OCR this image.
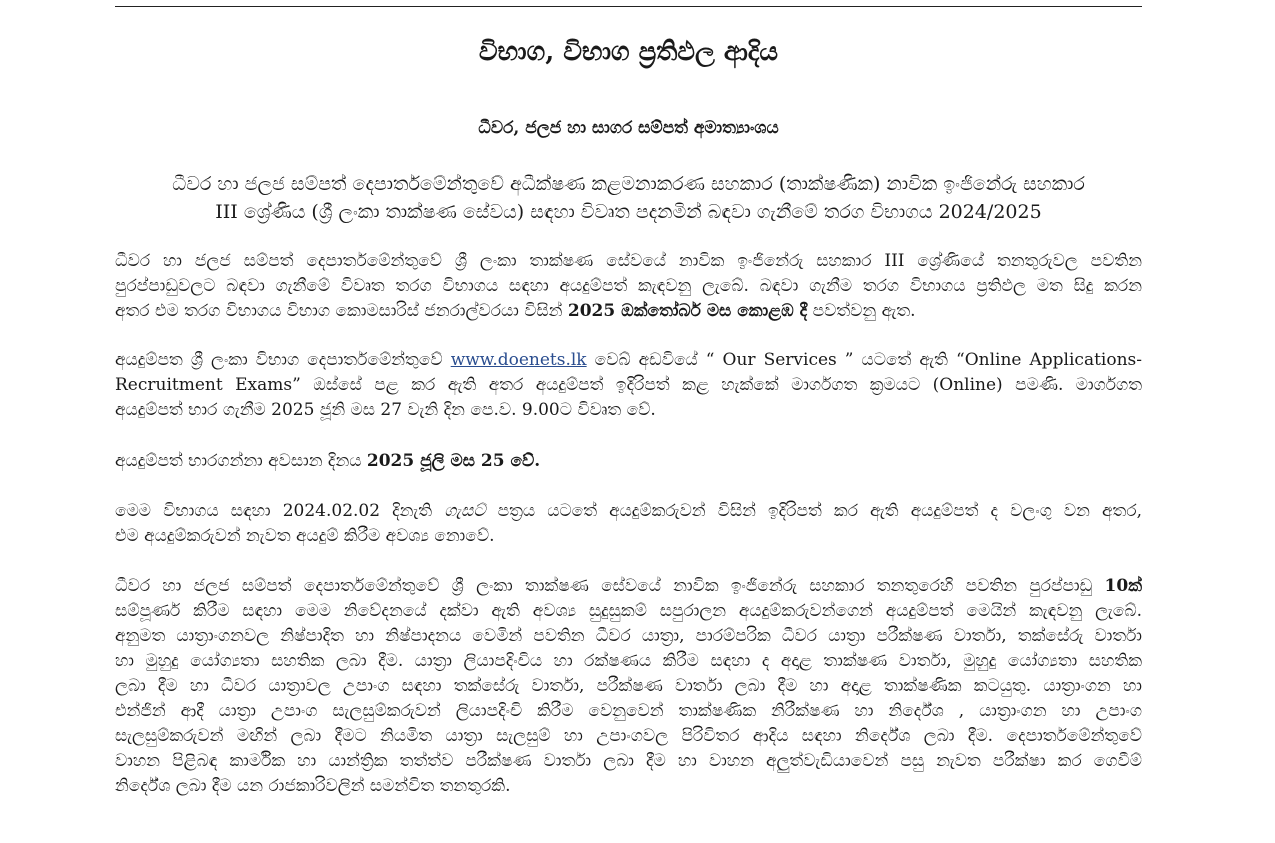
විභාග, විභාග ප්‍රතිඵල ආදිය
ධීවර, ජලජ හා සාගර සම්පත් අමාත්‍යාංශය
ධීවර හා ජලජ සම්පත් දෙපාර්තමේන්තුවේ අධීක්ෂණ කළමනාකරණ සහකාර (තාක්ෂණික) නාවික ඉංජිනේරු සහකාර
III ශ්‍රේණිය (ශ්‍රී ලංකා තාක්ෂණ සේවය) සඳහා විවෘත පදනමින් බඳවා ගැනීමේ තරග විභාගය 2024/2025
ධීවර හා ජලජ සම්පත් දෙපාර්තමේන්තුවේ ශ්‍රී ලංකා තාක්ෂණ සේවයේ නාවික ඉංජිනේරු සහකාර III ශ්‍රේණියේ තනතුරුවල පවතින
පුරප්පාඩුවලට බඳවා ගැනීමේ විවෘත තරග විභාගය සඳහා අයදුම්පත් කැඳවනු ලැබේ. බඳවා ගැනීම තරග විභාගය ප්‍රතිඵල මත සිදු කරන
අතර එම තරග විභාගය විභාග කොමසාරිස් ජනරාල්වරයා විසින් 2025 ඔක්තෝබර් මස කොළඹ දී පවත්වනු ඇත.
අයදුම්පත ශ්‍රී ලංකා විභාග දෙපාර්තමේන්තුවේ www.doenets.lk වෙබ් අඩවියේ “ Our Services ” යටතේ ඇති “Online Applications-
Recruitment Exams” ඔස්සේ පළ කර ඇති අතර අයදුම්පත් ඉදිරිපත් කළ හැක්කේ මාර්ගගත ක්‍රමයට (Online) පමණි. මාර්ගගත
අයදුම්පත් භාර ගැනීම 2025 ජූනි මස 27 වැනි දින පෙ.ව. 9.00ට විවෘත වේ.
අයදුම්පත් භාරගන්නා අවසාන දිනය 2025 ජූලි මස 25 වේ.
මෙම විභාගය සඳහා 2024.02.02 දිනැති ගැසට් පත්‍රය යටතේ අයදුම්කරුවන් විසින් ඉදිරිපත් කර ඇති අයදුම්පත් ද වලංගු වන අතර,
එම අයදුම්කරුවන් නැවත අයදුම් කිරීම අවශ්‍ය නොවේ.
ධීවර හා ජලජ සම්පත් දෙපාර්තමේන්තුවේ ශ්‍රී ලංකා තාක්ෂණ සේවයේ නාවික ඉංජිනේරු සහකාර තනතුරෙහි පවතින පුරප්පාඩු 10ක්
සම්පූර්ණ කිරීම සඳහා මෙම නිවේදනයේ දක්වා ඇති අවශ්‍ය සුදුසුකම් සපුරාලන අයදුම්කරුවන්ගෙන් අයදුම්පත් මෙයින් කැඳවනු ලැබේ.
අනුමත යාත්‍රාංගනවල නිෂ්පාදිත හා නිෂ්පාදනය වෙමින් පවතින ධීවර යාත්‍රා, පාරම්පරික ධීවර යාත්‍රා පරීක්ෂණ වාර්තා, තක්සේරු වාර්තා
හා මුහුදු යෝග්‍යතා සහතික ලබා දීම. යාත්‍රා ලියාපදිංචිය හා රක්ෂණය කිරීම සඳහා ද අදාළ තාක්ෂණ වාර්තා, මුහුදු යෝග්‍යතා සහතික
ලබා දීම හා ධීවර යාත්‍රාවල උපාංග සඳහා තක්සේරු වාර්තා, පරීක්ෂණ වාර්තා ලබා දීම හා අදාළ තාක්ෂණික කටයුතු. යාත්‍රාංගන හා
එන්ජින් ආදී යාත්‍රා උපාංග සැලසුම්කරුවන් ලියාපදිංචි කිරීම වෙනුවෙන් තාක්ෂණික නිරීක්ෂණ හා නිර්දේශ , යාත්‍රාංගන හා උපාංග
සැලසුම්කරුවන් මඟින් ලබා දීමට නියමිත යාත්‍රා සැලසුම් හා උපාංගවල පිරිවිතර ආදිය සඳහා නිර්දේශ ලබා දීම. දෙපාර්තමේන්තුවේ
වාහන පිළිබඳ කාර්මික හා යාන්ත්‍රික තත්ත්ව පරීක්ෂණ වාර්තා ලබා දීම හා වාහන අලුත්වැඩියාවෙන් පසු නැවත පරීක්ෂා කර ගෙවීම්
නිර්දේශ ලබා දීම යන රාජකාරිවලින් සමන්විත තනතුරකි.
